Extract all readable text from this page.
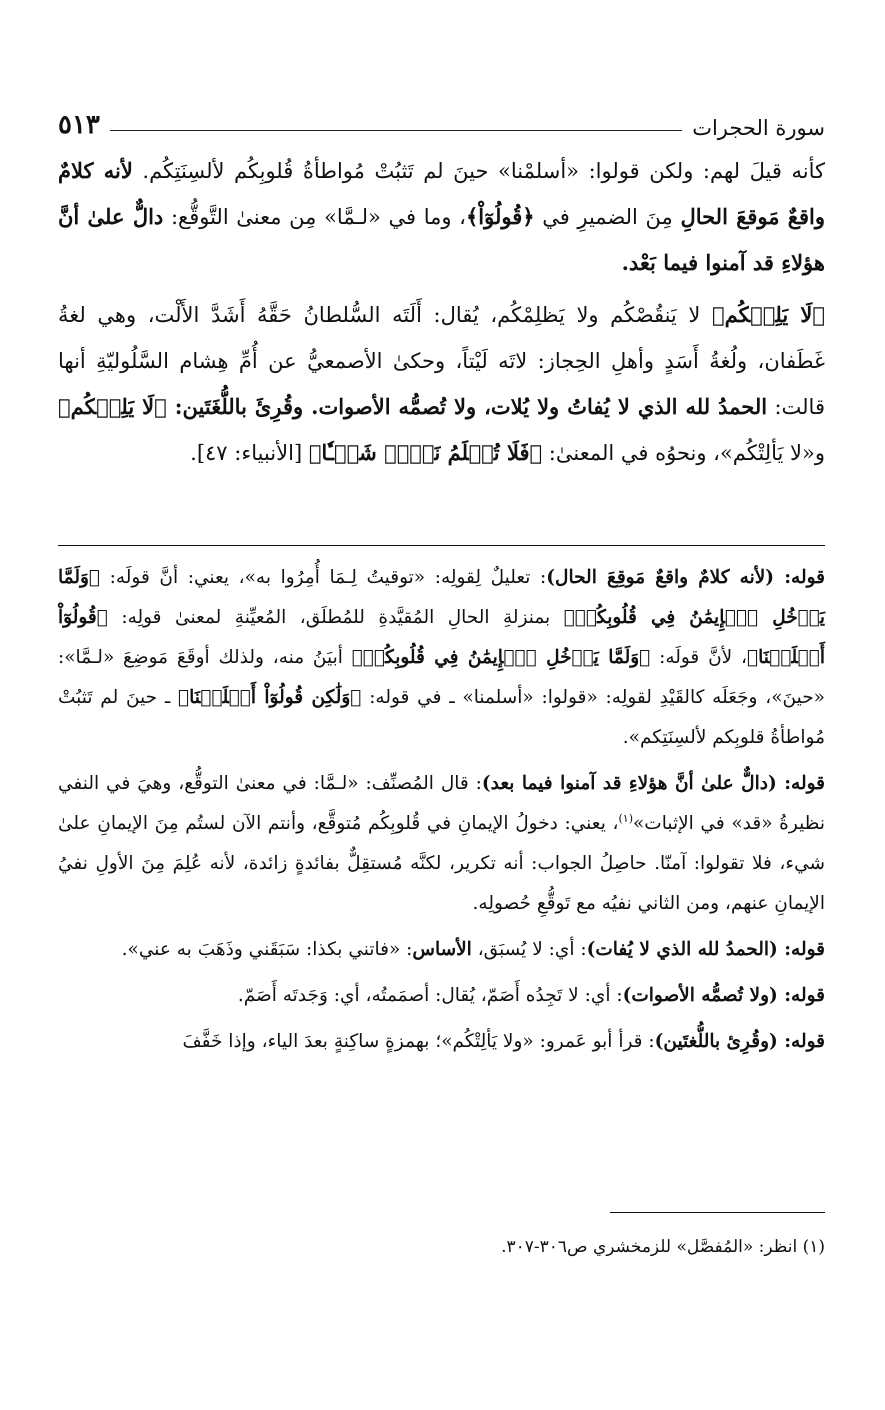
سورة الحجرات
٥١٣

كأنه قيلَ لهم: ولكن قولوا: «أسلمْنا» حينَ لم تَثبُتْ مُواطأةُ قُلوبِكُم لألسِنَتِكُم. لأنه كلامٌ واقعٌ مَوقعَ الحالِ مِنَ الضميرِ في ﴿قُولُوٓاْ﴾، وما في «لـمَّا» مِن معنىٰ التَّوقُّع: دالٌّ علىٰ أنَّ هؤلاءِ قد آمنوا فيما بَعْد.

﴿لَا يَلِتۡكُم﴾ لا يَنقُصْكُم ولا يَظلِمْكُم، يُقال: أَلَتَه السُّلطانُ حَقَّهُ أَشَدَّ الأَلْت، وهي لغةُ غَطَفان، ولُغةُ أَسَدٍ وأهلِ الحِجاز: لاتَه لَيْتاً، وحكىٰ الأصمعيُّ عن أُمِّ هِشام السَّلُوليّةِ أنها قالت: الحمدُ لله الذي لا يُفاتُ ولا يُلات، ولا تُصمُّه الأصوات. وقُرِئَ باللُّغَتَين: ﴿لَا يَلِتۡكُم﴾ و«لا يَألِتْكُم»، ونحوُه في المعنىٰ: ﴿فَلَا تُظۡلَمُ نَفۡسٞ شَيۡـٔٗا﴾ [الأنبياء: ٤٧].

قوله: (لأنه كلامٌ واقعٌ مَوقِعَ الحال): تعليلٌ لِقولِه: «توقيتُ لِـمَا أُمِرُوا به»، يعني: أنَّ قولَه: ﴿وَلَمَّا يَدۡخُلِ ٱلۡإِيمَٰنُ فِي قُلُوبِكُمۡ﴾ بمنزلةِ الحالِ المُقيَّدةِ للمُطلَق، المُعيِّنةِ لمعنىٰ قولِه: ﴿قُولُوٓاْ أَسۡلَمۡنَا﴾، لأنَّ قولَه: ﴿وَلَمَّا يَدۡخُلِ ٱلۡإِيمَٰنُ فِي قُلُوبِكُمۡ﴾ أبيَنُ منه، ولذلك أوقَعَ مَوضِعَ «لـمَّا»: «حينَ»، وجَعَلَه كالقَيْدِ لقولِه: «قولوا: «أسلمنا» ـ في قوله: ﴿وَلَٰكِن قُولُوٓاْ أَسۡلَمۡنَا﴾ ـ حينَ لم تَثبُتْ مُواطأةُ قلوبِكم لألسِنَتِكم».

قوله: (دالٌّ علىٰ أنَّ هؤلاءِ قد آمنوا فيما بعد): قال المُصنِّف: «لـمَّا: في معنىٰ التوقُّع، وهيَ في النفي نظيرةُ «قد» في الإثبات»$^{(١)}$، يعني: دخولُ الإيمانِ في قُلوبِكُم مُتوقَّع، وأنتم الآن لستُم مِنَ الإيمانِ علىٰ شيء، فلا تقولوا: آمنّا. حاصِلُ الجواب: أنه تكرير، لكنَّه مُستقِلٌّ بفائدةٍ زائدة، لأنه عُلِمَ مِنَ الأولِ نفيُ الإيمانِ عنهم، ومن الثاني نفيُه مع تَوقُّعِ حُصولِه.

قوله: (الحمدُ لله الذي لا يُفات): أي: لا يُسبَق، الأساس: «فاتني بكذا: سَبَقَني وذَهَبَ به عني».

قوله: (ولا تُصمُّه الأصوات): أي: لا تَجِدُه أَصَمّ، يُقال: أصمَمتُه، أي: وَجَدتَه أَصَمّ.

قوله: (وقُرِئ باللُّغتَين): قرأ أبو عَمرو: «ولا يَألِتْكُم»؛ بهمزةٍ ساكِنةٍ بعدَ الياء، وإذا خَفَّفَ

(١) انظر: «المُفصَّل» للزمخشري ص٣٠٦-٣٠٧.
